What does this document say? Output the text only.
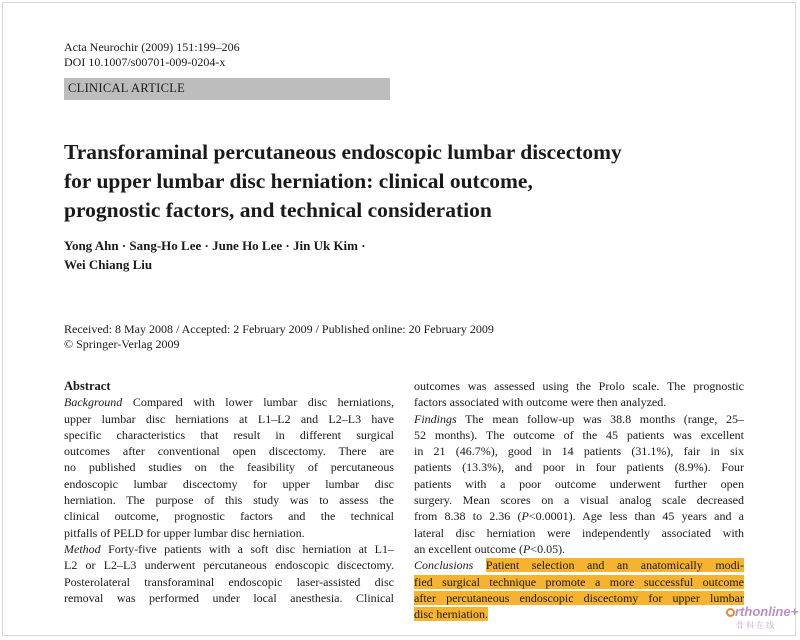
Acta Neurochir (2009) 151:199–206
DOI 10.1007/s00701-009-0204-x
CLINICAL ARTICLE
Transforaminal percutaneous endoscopic lumbar discectomy
for upper lumbar disc herniation: clinical outcome,
prognostic factors, and technical consideration
Yong Ahn · Sang-Ho Lee · June Ho Lee · Jin Uk Kim ·
Wei Chiang Liu
Received: 8 May 2008 / Accepted: 2 February 2009 / Published online: 20 February 2009
© Springer-Verlag 2009
Abstract
Background Compared with lower lumbar disc herniations,
upper lumbar disc herniations at L1–L2 and L2–L3 have
specific characteristics that result in different surgical
outcomes after conventional open discectomy. There are
no published studies on the feasibility of percutaneous
endoscopic lumbar discectomy for upper lumbar disc
herniation. The purpose of this study was to assess the
clinical outcome, prognostic factors and the technical
pitfalls of PELD for upper lumbar disc herniation.
Method Forty-five patients with a soft disc herniation at L1–
L2 or L2–L3 underwent percutaneous endoscopic discectomy.
Posterolateral transforaminal endoscopic laser-assisted disc
removal was performed under local anesthesia. Clinical
outcomes was assessed using the Prolo scale. The prognostic
factors associated with outcome were then analyzed.
Findings The mean follow-up was 38.8 months (range, 25–
52 months). The outcome of the 45 patients was excellent
in 21 (46.7%), good in 14 patients (31.1%), fair in six
patients (13.3%), and poor in four patients (8.9%). Four
patients with a poor outcome underwent further open
surgery. Mean scores on a visual analog scale decreased
from 8.38 to 2.36 (P<0.0001). Age less than 45 years and a
lateral disc herniation were independently associated with
an excellent outcome (P<0.05).
Conclusions Patient selection and an anatomically modi-
fied surgical technique promote a more successful outcome
after percutaneous endoscopic discectomy for upper lumbar
disc herniation.	rthonline+
骨科在线
